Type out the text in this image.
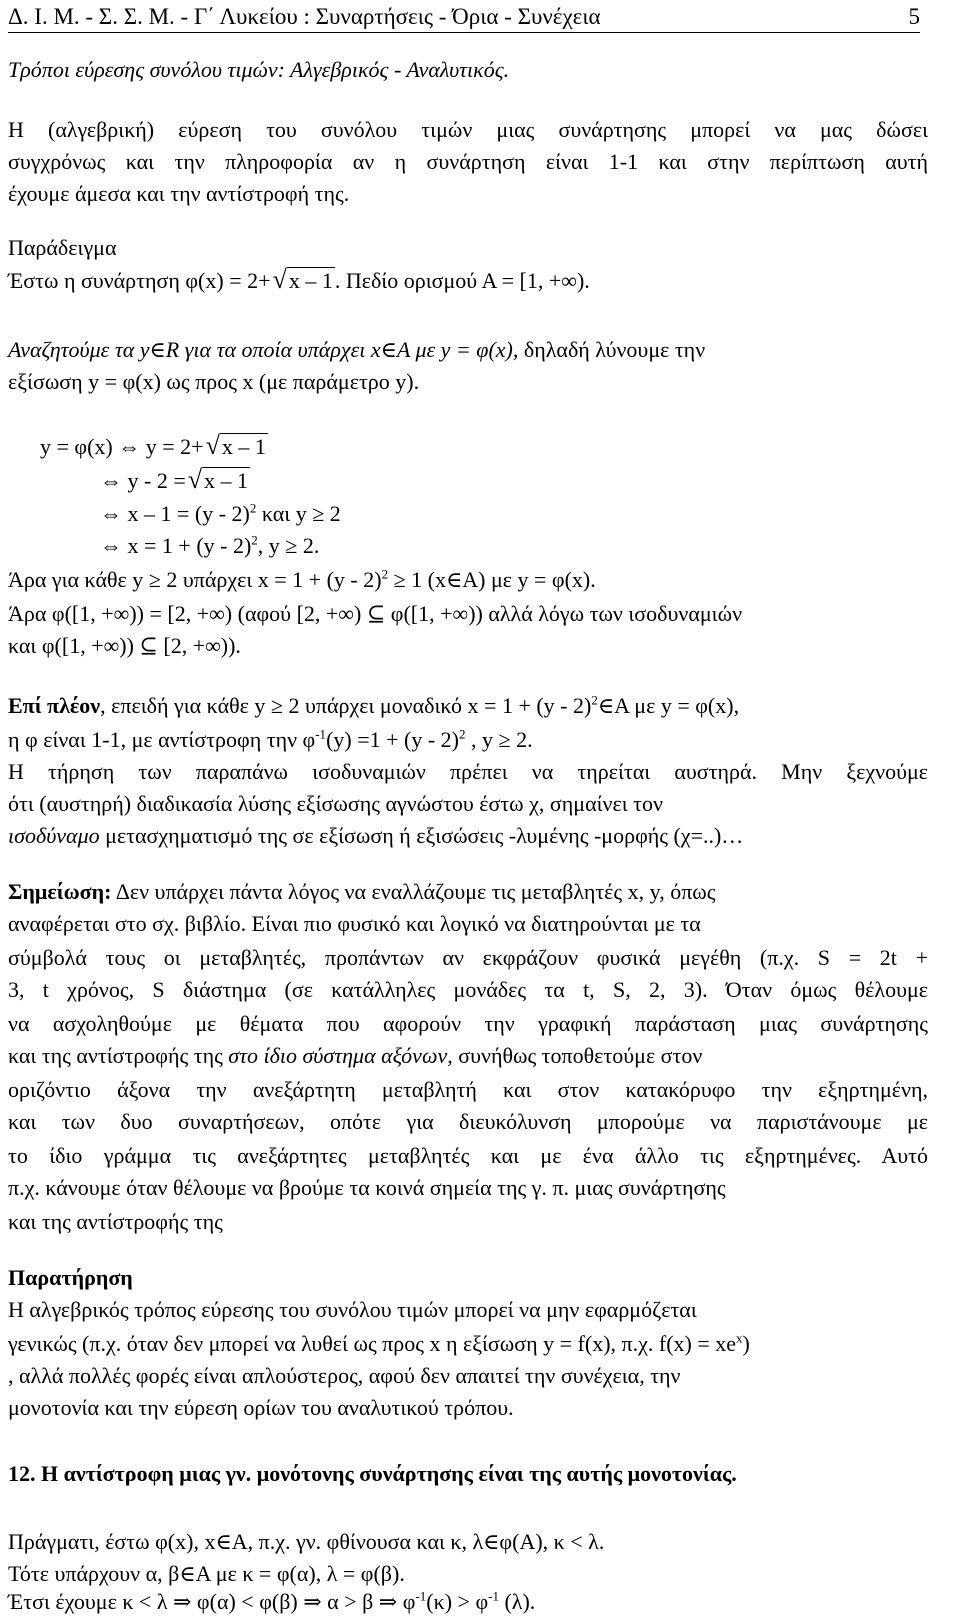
Δ. Ι. Μ. - Σ. Σ. Μ. - Γ΄ Λυκείου : Συναρτήσεις - Όρια - Συνέχεια	5
Τρόποι εύρεσης συνόλου τιμών: Αλγεβρικός - Αναλυτικός.
Η (αλγεβρική) εύρεση του συνόλου τιμών μιας συνάρτησης μπορεί να μας δώσει
συγχρόνως και την πληροφορία αν η συνάρτηση είναι 1-1 και στην περίπτωση αυτή
έχουμε άμεσα και την αντίστροφή της.
Παράδειγμα
Έστω η συνάρτηση φ(x) = 2+ √ x – 1. Πεδίο ορισμού Α = [1, +∞).
Αναζητούμε τα y∈R για τα οποία υπάρχει x∈A με y = φ(x), δηλαδή λύνουμε την
εξίσωση y = φ(x) ως προς x (με παράμετρο y).
y = φ(x) ⇔ y = 2+ √ x – 1
⇔ y - 2 = √ x – 1
⇔ x – 1 = (y - 2)$^2$ και y ≥ 2
⇔ x = 1 + (y - 2)$^2$, y ≥ 2.
Άρα για κάθε y ≥ 2 υπάρχει x = 1 + (y - 2)$^2$ ≥ 1 (x∈A) με y = φ(x).
Άρα φ([1, +∞)) = [2, +∞) (αφού [2, +∞) ⊆ φ([1, +∞)) αλλά λόγω των ισοδυναμιών
και φ([1, +∞)) ⊆ [2, +∞)).
Επί πλέον, επειδή για κάθε y ≥ 2 υπάρχει μοναδικό x = 1 + (y - 2)$^2$∈A με y = φ(x),
η φ είναι 1-1, με αντίστροφη την $\varphi^{-1}(y) =1 + (y - 2)^2$ , y ≥ 2.
Η τήρηση των παραπάνω ισοδυναμιών πρέπει να τηρείται αυστηρά. Μην ξεχνούμε
ότι (αυστηρή) διαδικασία λύσης εξίσωσης αγνώστου έστω χ, σημαίνει τον
ισοδύναμο μετασχηματισμό της σε εξίσωση ή εξισώσεις -λυμένης -μορφής (χ=..)…
Σημείωση: Δεν υπάρχει πάντα λόγος να εναλλάζουμε τις μεταβλητές x, y, όπως
αναφέρεται στο σχ. βιβλίο. Είναι πιο φυσικό και λογικό να διατηρούνται με τα
σύμβολά τους οι μεταβλητές, προπάντων αν εκφράζουν φυσικά μεγέθη (π.χ. S = 2t +
3, t χρόνος, S διάστημα (σε κατάλληλες μονάδες τα t, S, 2, 3). Όταν όμως θέλουμε
να ασχοληθούμε με θέματα που αφορούν την γραφική παράσταση μιας συνάρτησης
και της αντίστροφής της στο ίδιο σύστημα αξόνων, συνήθως τοποθετούμε στον
οριζόντιο άξονα την ανεξάρτητη μεταβλητή και στον κατακόρυφο την εξηρτημένη,
και των δυο συναρτήσεων, οπότε για διευκόλυνση μπορούμε να παριστάνουμε με
το ίδιο γράμμα τις ανεξάρτητες μεταβλητές και με ένα άλλο τις εξηρτημένες. Αυτό
π.χ. κάνουμε όταν θέλουμε να βρούμε τα κοινά σημεία της γ. π. μιας συνάρτησης
και της αντίστροφής της
Παρατήρηση
Η αλγεβρικός τρόπος εύρεσης του συνόλου τιμών μπορεί να μην εφαρμόζεται
γενικώς (π.χ. όταν δεν μπορεί να λυθεί ως προς x η εξίσωση y = f(x), π.χ. $f(x) = xe^x$)
, αλλά πολλές φορές είναι απλούστερος, αφού δεν απαιτεί την συνέχεια, την
μονοτονία και την εύρεση ορίων του αναλυτικού τρόπου.
12. Η αντίστροφη μιας γν. μονότονης συνάρτησης είναι της αυτής μονοτονίας.
Πράγματι, έστω φ(x), x∈A, π.χ. γν. φθίνουσα και κ, λ∈φ(A), κ < λ.
Τότε υπάρχουν α, β∈A με κ = φ(α), λ = φ(β).
Έτσι έχουμε κ < λ ⇒ φ(α) < φ(β) ⇒ α > β ⇒ $\varphi^{-1}(\kappa) > \varphi^{-1}$ (λ).
